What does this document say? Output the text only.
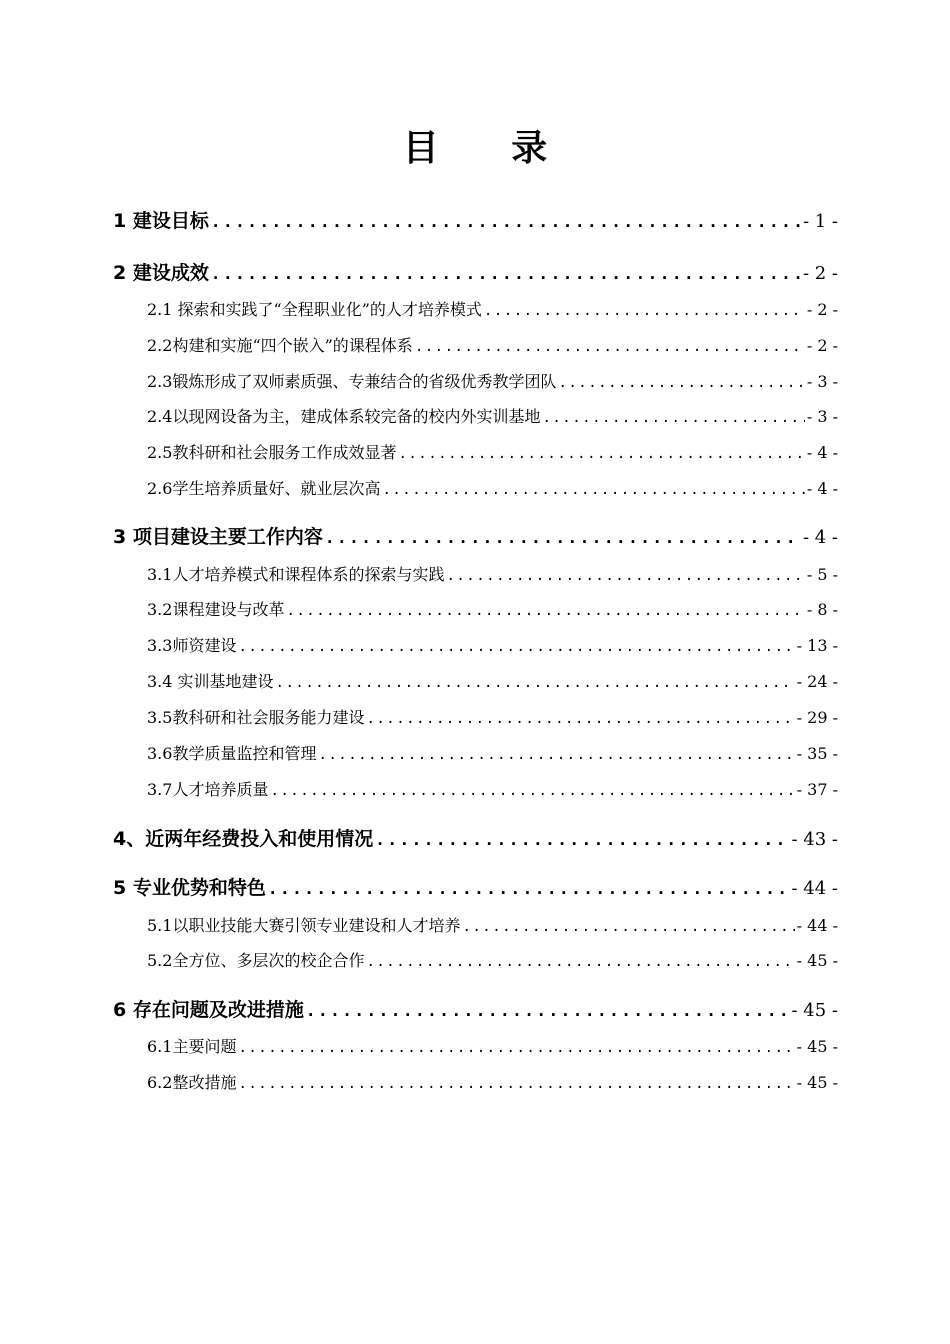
目 录
1 建设目标 .....	- 1 -
2 建设成效 .....	- 2 -
2.1 探索和实践了“全程职业化”的人才培养模式 .....	- 2 -
2.2构建和实施“四个嵌入”的课程体系 .....	- 2 -
2.3锻炼形成了双师素质强、专兼结合的省级优秀教学团队 .....	- 3 -
2.4以现网设备为主，建成体系较完备的校内外实训基地 .....	- 3 -
2.5教科研和社会服务工作成效显著 .....	- 4 -
2.6学生培养质量好、就业层次高 .....	- 4 -
3 项目建设主要工作内容 .....	- 4 -
3.1人才培养模式和课程体系的探索与实践 .....	- 5 -
3.2课程建设与改革 .....	- 8 -
3.3师资建设 .....	- 13 -
3.4 实训基地建设 .....	- 24 -
3.5教科研和社会服务能力建设 .....	- 29 -
3.6教学质量监控和管理 .....	- 35 -
3.7人才培养质量 .....	- 37 -
4、近两年经费投入和使用情况 .....	- 43 -
5 专业优势和特色 .....	- 44 -
5.1以职业技能大赛引领专业建设和人才培养 .....	- 44 -
5.2全方位、多层次的校企合作 .....	- 45 -
6 存在问题及改进措施 .....	- 45 -
6.1主要问题 .....	- 45 -
6.2整改措施 .....	- 45 -
